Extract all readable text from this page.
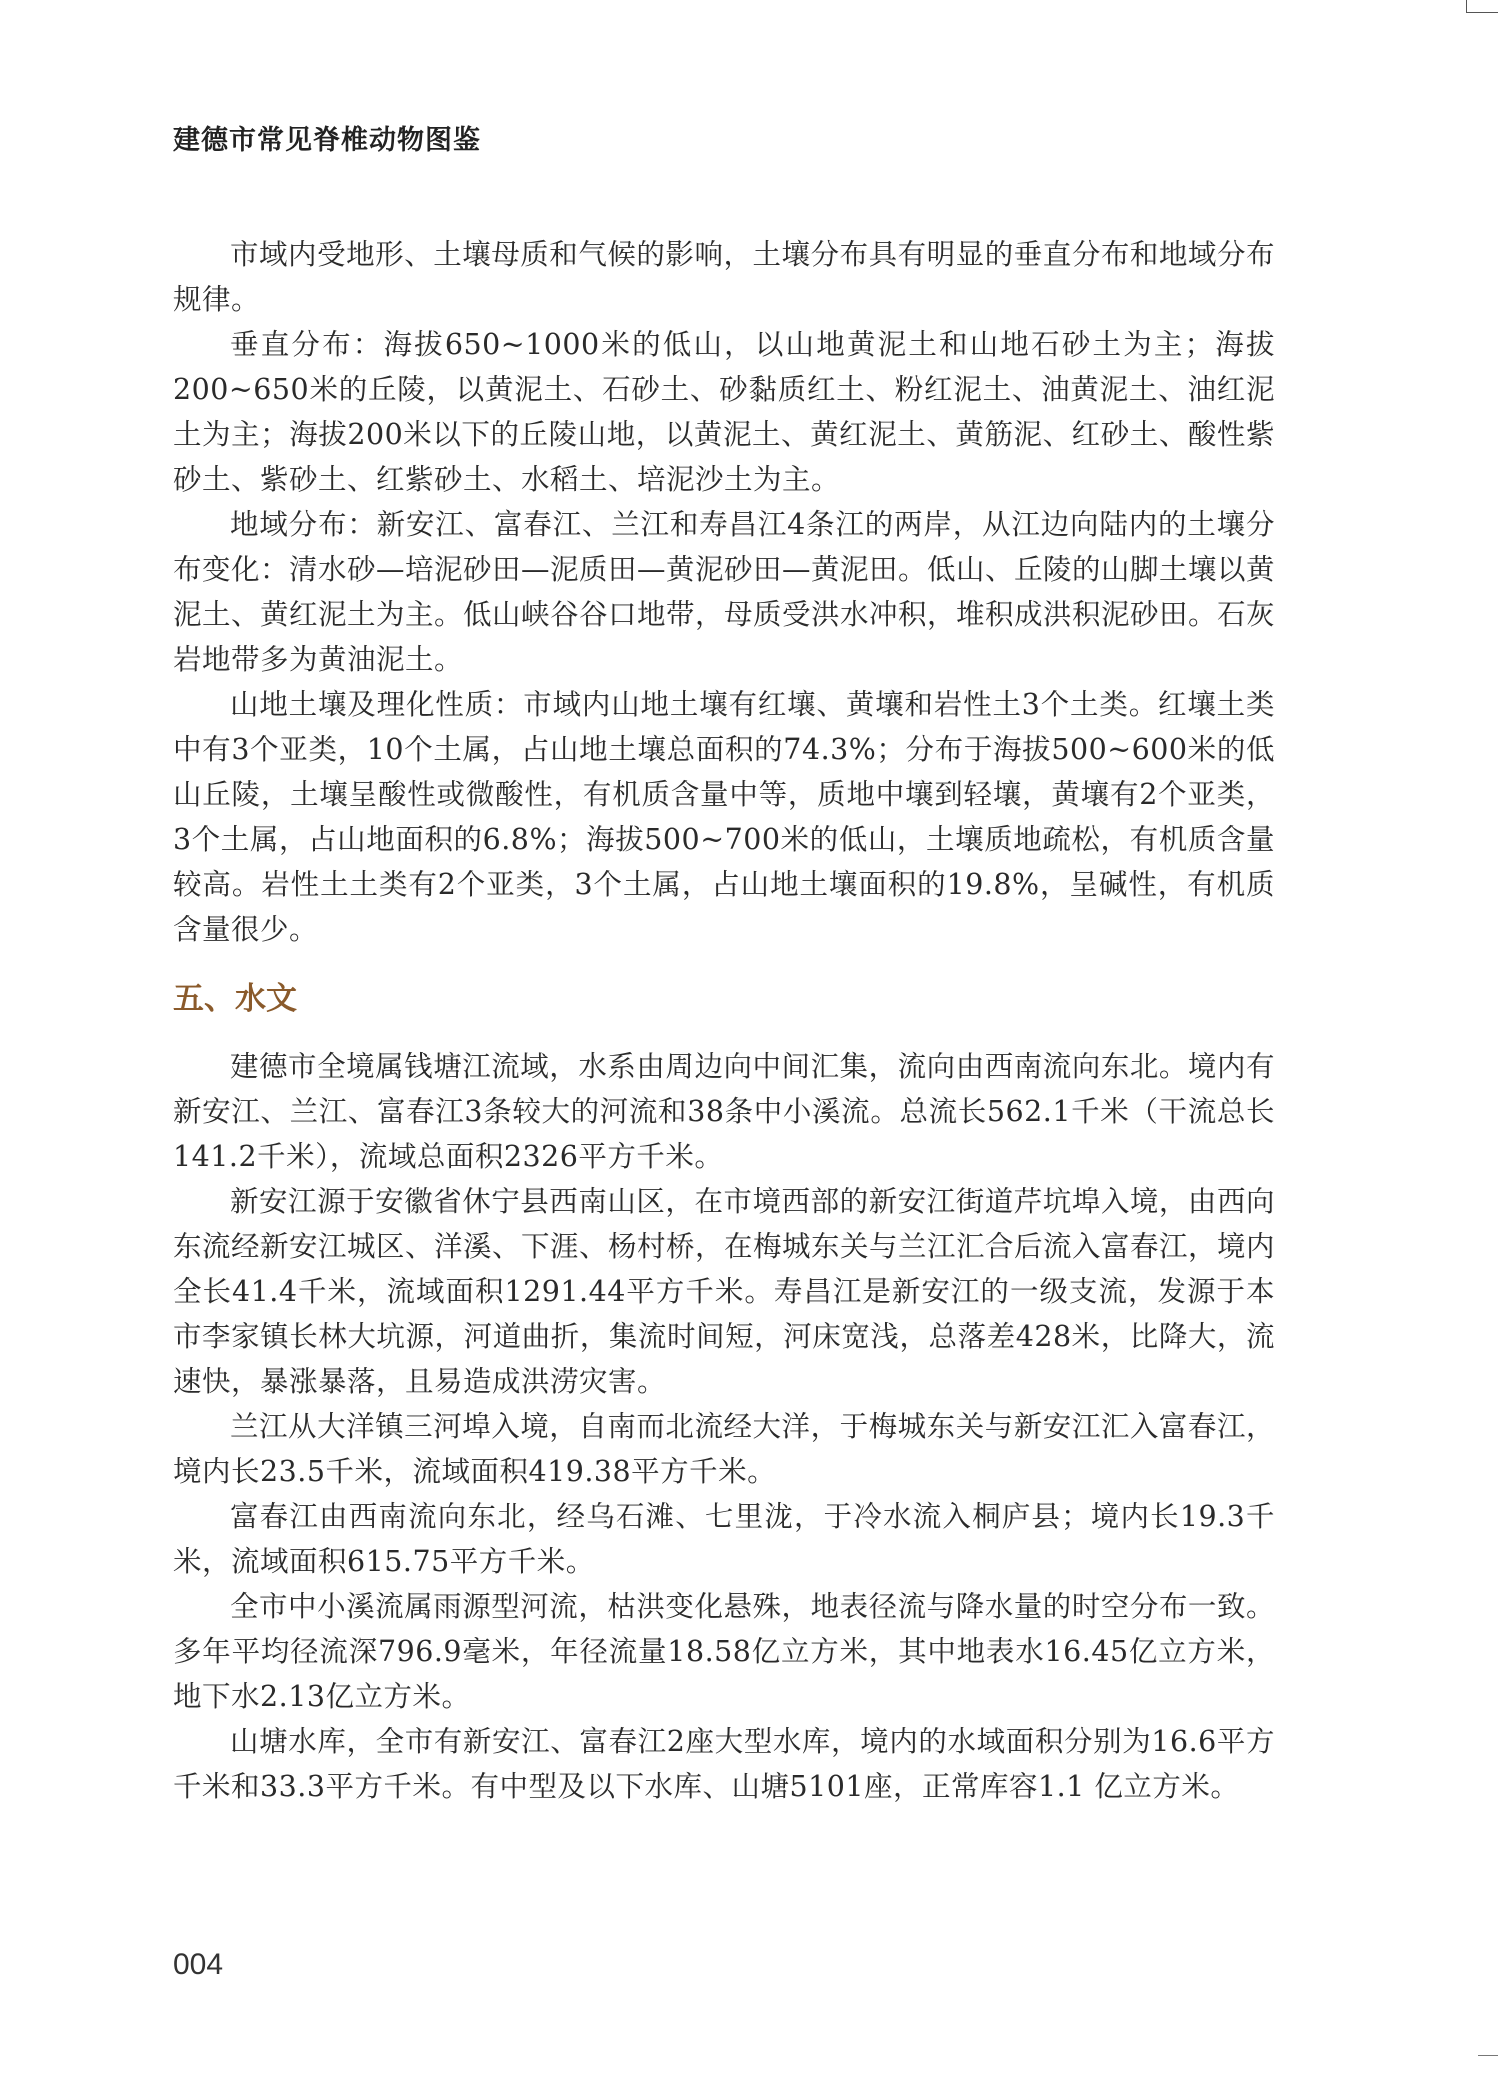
建德市常见脊椎动物图鉴

市域内受地形、土壤母质和气候的影响，土壤分布具有明显的垂直分布和地域分布规律。

垂直分布：海拔650~1000米的低山，以山地黄泥土和山地石砂土为主；海拔200~650米的丘陵，以黄泥土、石砂土、砂黏质红土、粉红泥土、油黄泥土、油红泥土为主；海拔200米以下的丘陵山地，以黄泥土、黄红泥土、黄筋泥、红砂土、酸性紫砂土、紫砂土、红紫砂土、水稻土、培泥沙土为主。

地域分布：新安江、富春江、兰江和寿昌江4条江的两岸，从江边向陆内的土壤分布变化：清水砂—培泥砂田—泥质田—黄泥砂田—黄泥田。低山、丘陵的山脚土壤以黄泥土、黄红泥土为主。低山峡谷谷口地带，母质受洪水冲积，堆积成洪积泥砂田。石灰岩地带多为黄油泥土。

山地土壤及理化性质：市域内山地土壤有红壤、黄壤和岩性土3个土类。红壤土类中有3个亚类，10个土属，占山地土壤总面积的74.3%；分布于海拔500~600米的低山丘陵，土壤呈酸性或微酸性，有机质含量中等，质地中壤到轻壤，黄壤有2个亚类，3个土属，占山地面积的6.8%；海拔500~700米的低山，土壤质地疏松，有机质含量较高。岩性土土类有2个亚类，3个土属，占山地土壤面积的19.8%，呈碱性，有机质含量很少。

五、水文

建德市全境属钱塘江流域，水系由周边向中间汇集，流向由西南流向东北。境内有新安江、兰江、富春江3条较大的河流和38条中小溪流。总流长562.1千米（干流总长141.2千米），流域总面积2326平方千米。

新安江源于安徽省休宁县西南山区，在市境西部的新安江街道芹坑埠入境，由西向东流经新安江城区、洋溪、下涯、杨村桥，在梅城东关与兰江汇合后流入富春江，境内全长41.4千米，流域面积1291.44平方千米。寿昌江是新安江的一级支流，发源于本市李家镇长林大坑源，河道曲折，集流时间短，河床宽浅，总落差428米，比降大，流速快，暴涨暴落，且易造成洪涝灾害。

兰江从大洋镇三河埠入境，自南而北流经大洋，于梅城东关与新安江汇入富春江，境内长23.5千米，流域面积419.38平方千米。

富春江由西南流向东北，经乌石滩、七里泷，于冷水流入桐庐县；境内长19.3千米，流域面积615.75平方千米。

全市中小溪流属雨源型河流，枯洪变化悬殊，地表径流与降水量的时空分布一致。多年平均径流深796.9毫米，年径流量18.58亿立方米，其中地表水16.45亿立方米，地下水2.13亿立方米。

山塘水库，全市有新安江、富春江2座大型水库，境内的水域面积分别为16.6平方千米和33.3平方千米。有中型及以下水库、山塘5101座，正常库容1.1 亿立方米。

004
